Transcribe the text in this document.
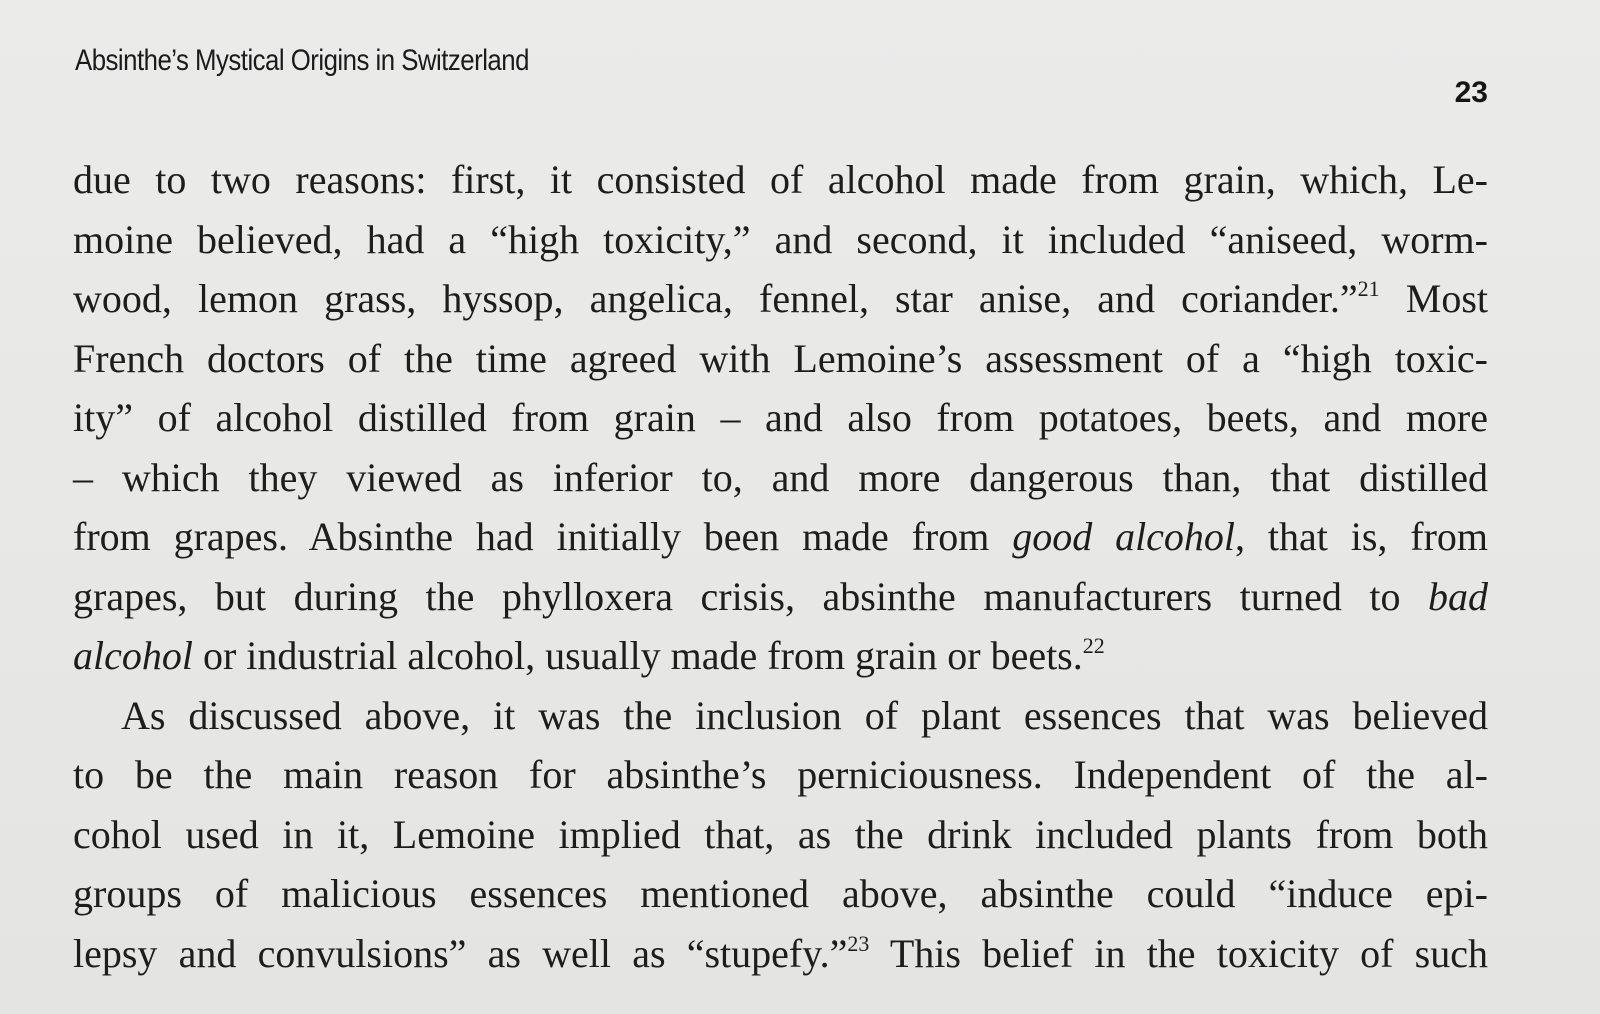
Absinthe’s Mystical Origins in Switzerland
23
due to two reasons: first, it consisted of alcohol made from grain, which, Le-
moine believed, had a “high toxicity,” and second, it included “aniseed, worm-
wood, lemon grass, hyssop, angelica, fennel, star anise, and coriander.”$^{21}$ Most
French doctors of the time agreed with Lemoine’s assessment of a “high toxic-
ity” of alcohol distilled from grain – and also from potatoes, beets, and more
– which they viewed as inferior to, and more dangerous than, that distilled
from grapes. Absinthe had initially been made from good alcohol, that is, from
grapes, but during the phylloxera crisis, absinthe manufacturers turned to bad
alcohol or industrial alcohol, usually made from grain or beets.$^{22}$
As discussed above, it was the inclusion of plant essences that was believed
to be the main reason for absinthe’s perniciousness. Independent of the al-
cohol used in it, Lemoine implied that, as the drink included plants from both
groups of malicious essences mentioned above, absinthe could “induce epi-
lepsy and convulsions” as well as “stupefy.”$^{23}$ This belief in the toxicity of such
